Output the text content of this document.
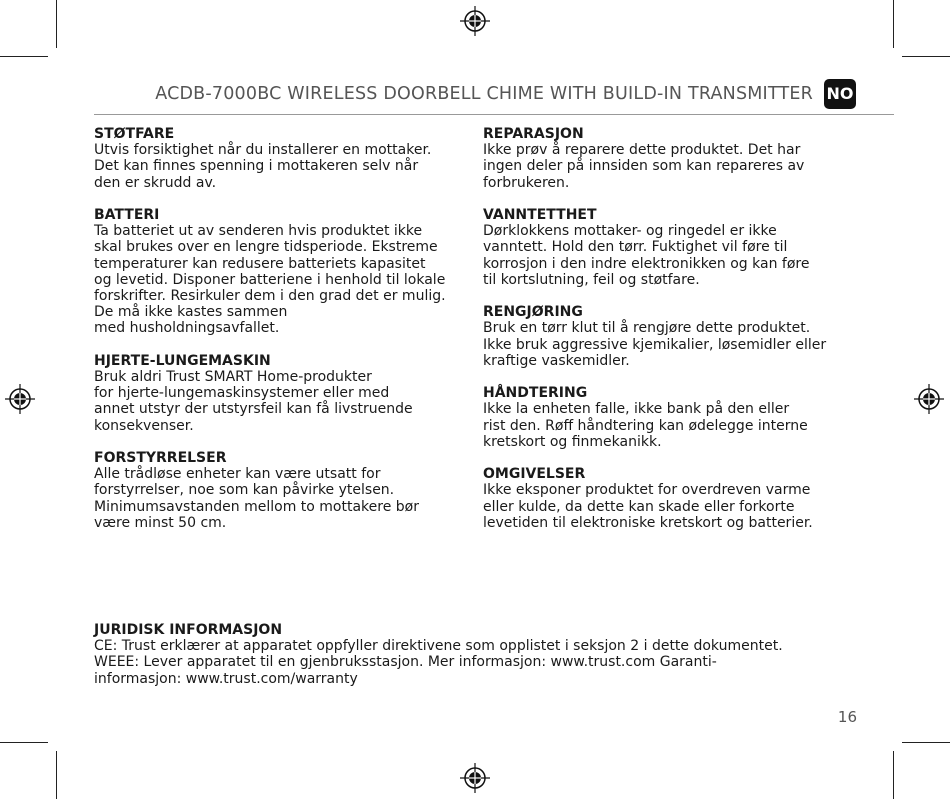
ACDB-7000BC WIRELESS DOORBELL CHIME WITH BUILD-IN TRANSMITTER NO
STØTFARE
Utvis forsiktighet når du installerer en mottaker.
Det kan finnes spenning i mottakeren selv når
den er skrudd av.
BATTERI
Ta batteriet ut av senderen hvis produktet ikke
skal brukes over en lengre tidsperiode. Ekstreme
temperaturer kan redusere batteriets kapasitet
og levetid. Disponer batteriene i henhold til lokale
forskrifter. Resirkuler dem i den grad det er mulig.
De må ikke kastes sammen
med husholdningsavfallet.
HJERTE-LUNGEMASKIN
Bruk aldri Trust SMART Home-produkter
for hjerte-lungemaskinsystemer eller med
annet utstyr der utstyrsfeil kan få livstruende
konsekvenser.
FORSTYRRELSER
Alle trådløse enheter kan være utsatt for
forstyrrelser, noe som kan påvirke ytelsen.
Minimumsavstanden mellom to mottakere bør
være minst 50 cm.
REPARASJON
Ikke prøv å reparere dette produktet. Det har
ingen deler på innsiden som kan repareres av
forbrukeren.
VANNTETTHET
Dørklokkens mottaker- og ringedel er ikke
vanntett. Hold den tørr. Fuktighet vil føre til
korrosjon i den indre elektronikken og kan føre
til kortslutning, feil og støtfare.
RENGJØRING
Bruk en tørr klut til å rengjøre dette produktet.
Ikke bruk aggressive kjemikalier, løsemidler eller
kraftige vaskemidler.
HÅNDTERING
Ikke la enheten falle, ikke bank på den eller
rist den. Røff håndtering kan ødelegge interne
kretskort og finmekanikk.
OMGIVELSER
Ikke eksponer produktet for overdreven varme
eller kulde, da dette kan skade eller forkorte
levetiden til elektroniske kretskort og batterier.
JURIDISK INFORMASJON
CE: Trust erklærer at apparatet oppfyller direktivene som opplistet i seksjon 2 i dette dokumentet.
WEEE: Lever apparatet til en gjenbruksstasjon. Mer informasjon: www.trust.com Garanti-
informasjon: www.trust.com/warranty
16
